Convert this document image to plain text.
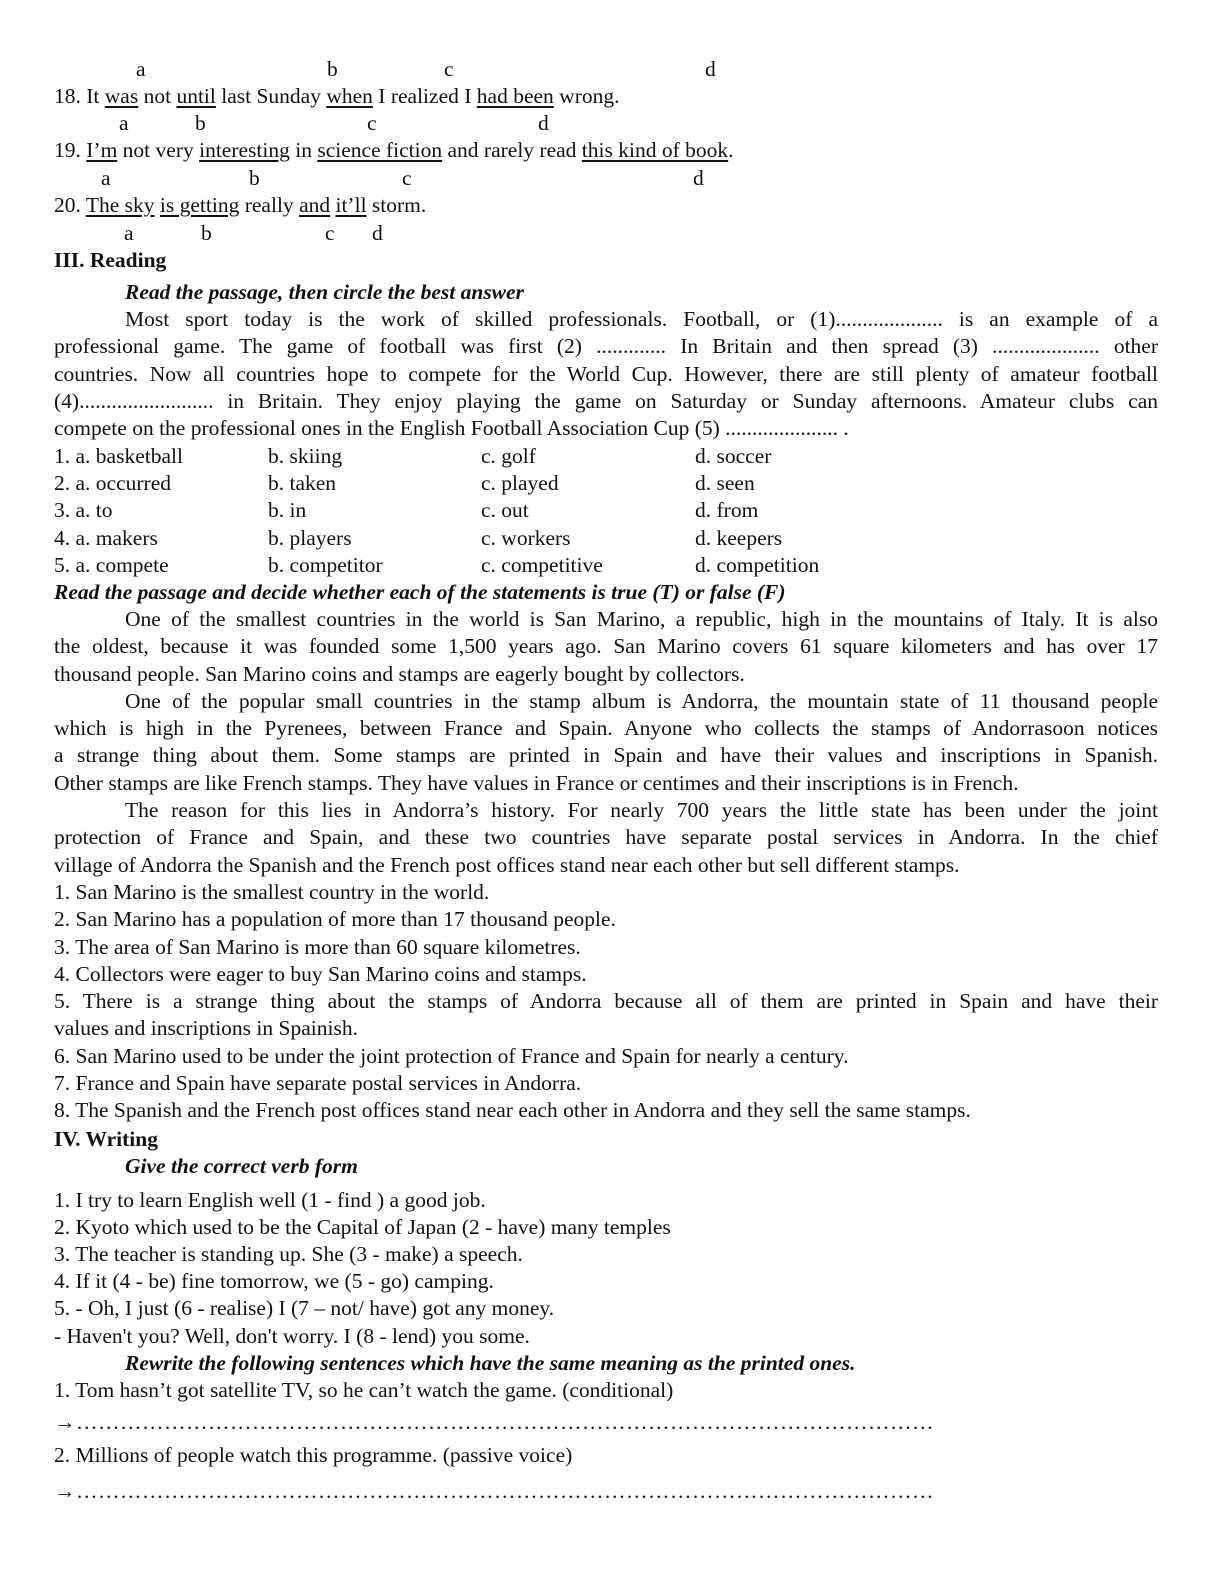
a	b	c	d
18. It was not until last Sunday when I realized I had been wrong.
a	b	c	d
19. I’m not very interesting in science fiction and rarely read this kind of book.
a	b	c	d
20. The sky is getting really and it’ll storm.
a	b	c d
III. Reading
Read the passage, then circle the best answer
Most sport today is the work of skilled professionals. Football, or (1).................... is an example of a
professional game. The game of football was first (2) ............. In Britain and then spread (3) .................... other
countries. Now all countries hope to compete for the World Cup. However, there are still plenty of amateur football
(4)......................... in Britain. They enjoy playing the game on Saturday or Sunday afternoons. Amateur clubs can
compete on the professional ones in the English Football Association Cup (5) ..................... .
1. a. basketball	b. skiing	c. golf	d. soccer
2. a. occurred	b. taken	c. played	d. seen
3. a. to	b. in	c. out	d. from
4. a. makers	b. players	c. workers	d. keepers
5. a. compete	b. competitor	c. competitive	d. competition
Read the passage and decide whether each of the statements is true (T) or false (F)
One of the smallest countries in the world is San Marino, a republic, high in the mountains of Italy. It is also
the oldest, because it was founded some 1,500 years ago. San Marino covers 61 square kilometers and has over 17
thousand people. San Marino coins and stamps are eagerly bought by collectors.
One of the popular small countries in the stamp album is Andorra, the mountain state of 11 thousand people
which is high in the Pyrenees, between France and Spain. Anyone who collects the stamps of Andorrasoon notices
a strange thing about them. Some stamps are printed in Spain and have their values and inscriptions in Spanish.
Other stamps are like French stamps. They have values in France or centimes and their inscriptions is in French.
The reason for this lies in Andorra’s history. For nearly 700 years the little state has been under the joint
protection of France and Spain, and these two countries have separate postal services in Andorra. In the chief
village of Andorra the Spanish and the French post offices stand near each other but sell different stamps.
1. San Marino is the smallest country in the world.
2. San Marino has a population of more than 17 thousand people.
3. The area of San Marino is more than 60 square kilometres.
4. Collectors were eager to buy San Marino coins and stamps.
5. There is a strange thing about the stamps of Andorra because all of them are printed in Spain and have their
values and inscriptions in Spainish.
6. San Marino used to be under the joint protection of France and Spain for nearly a century.
7. France and Spain have separate postal services in Andorra.
8. The Spanish and the French post offices stand near each other in Andorra and they sell the same stamps.
IV. Writing
Give the correct verb form
1. I try to learn English well (1 - find ) a good job.
2. Kyoto which used to be the Capital of Japan (2 - have) many temples
3. The teacher is standing up. She (3 - make) a speech.
4. If it (4 - be) fine tomorrow, we (5 - go) camping.
5. - Oh, I just (6 - realise) I (7 – not/ have) got any money.
- Haven't you? Well, don't worry. I (8 - lend) you some.
Rewrite the following sentences which have the same meaning as the printed ones.
1. Tom hasn’t got satellite TV, so he can’t watch the game. (conditional)
→………………………………………………………………………………………………………
2. Millions of people watch this programme. (passive voice)
→………………………………………………………………………………………………………
